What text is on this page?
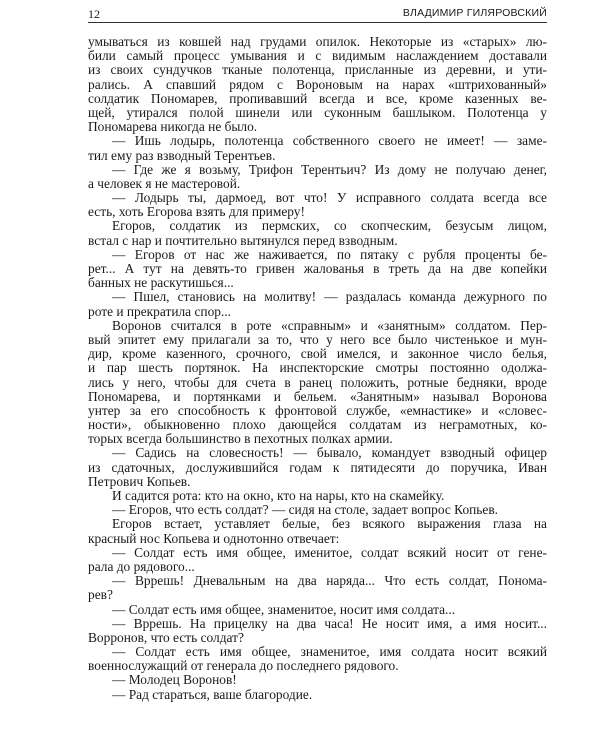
12	ВЛАДИМИР ГИЛЯРОВСКИЙ
умываться из ковшей над грудами опилок. Некоторые из «старых» лю-
били самый процесс умывания и с видимым наслаждением доставали
из своих сундучков тканые полотенца, присланные из деревни, и ути-
рались. А спавший рядом с Вороновым на нарах «штрихованный»
солдатик Пономарев, пропивавший всегда и все, кроме казенных ве-
щей, утирался полой шинели или суконным башлыком. Полотенца у
Пономарева никогда не было.
— Ишь лодырь, полотенца собственного своего не имеет! — заме-
тил ему раз взводный Терентьев.
— Где же я возьму, Трифон Терентьич? Из дому не получаю денег,
а человек я не мастеровой.
— Лодырь ты, дармоед, вот что! У исправного солдата всегда все
есть, хоть Егорова взять для примеру!
Егоров, солдатик из пермских, со скопческим, безусым лицом,
встал с нар и почтительно вытянулся перед взводным.
— Егоров от нас же наживается, по пятаку с рубля проценты бе-
рет... А тут на девять-то гривен жалованья в треть да на две копейки
банных не раскутишься...
— Пшел, становись на молитву! — раздалась команда дежурного по
роте и прекратила спор...
Воронов считался в роте «справным» и «занятным» солдатом. Пер-
вый эпитет ему прилагали за то, что у него все было чистенькое и мун-
дир, кроме казенного, срочного, свой имелся, и законное число белья,
и пар шесть портянок. На инспекторские смотры постоянно одолжа-
лись у него, чтобы для счета в ранец положить, ротные бедняки, вроде
Пономарева, и портянками и бельем. «Занятным» называл Воронова
унтер за его способность к фронтовой службе, «емнастике» и «словес-
ности», обыкновенно плохо дающейся солдатам из неграмотных, ко-
торых всегда большинство в пехотных полках армии.
— Садись на словесность! — бывало, командует взводный офицер
из сдаточных, дослужившийся годам к пятидесяти до поручика, Иван
Петрович Копьев.
И садится рота: кто на окно, кто на нары, кто на скамейку.
— Егоров, что есть солдат? — сидя на столе, задает вопрос Копьев.
Егоров встает, уставляет белые, без всякого выражения глаза на
красный нос Копьева и однотонно отвечает:
— Солдат есть имя общее, именитое, солдат всякий носит от гене-
рала до рядового...
— Вррешь! Дневальным на два наряда... Что есть солдат, Понома-
рев?
— Солдат есть имя общее, знаменитое, носит имя солдата...
— Вррешь. На прицелку на два часа! Не носит имя, а имя носит...
Ворронов, что есть солдат?
— Солдат есть имя общее, знаменитое, имя солдата носит всякий
военнослужащий от генерала до последнего рядового.
— Молодец Воронов!
— Рад стараться, ваше благородие.
